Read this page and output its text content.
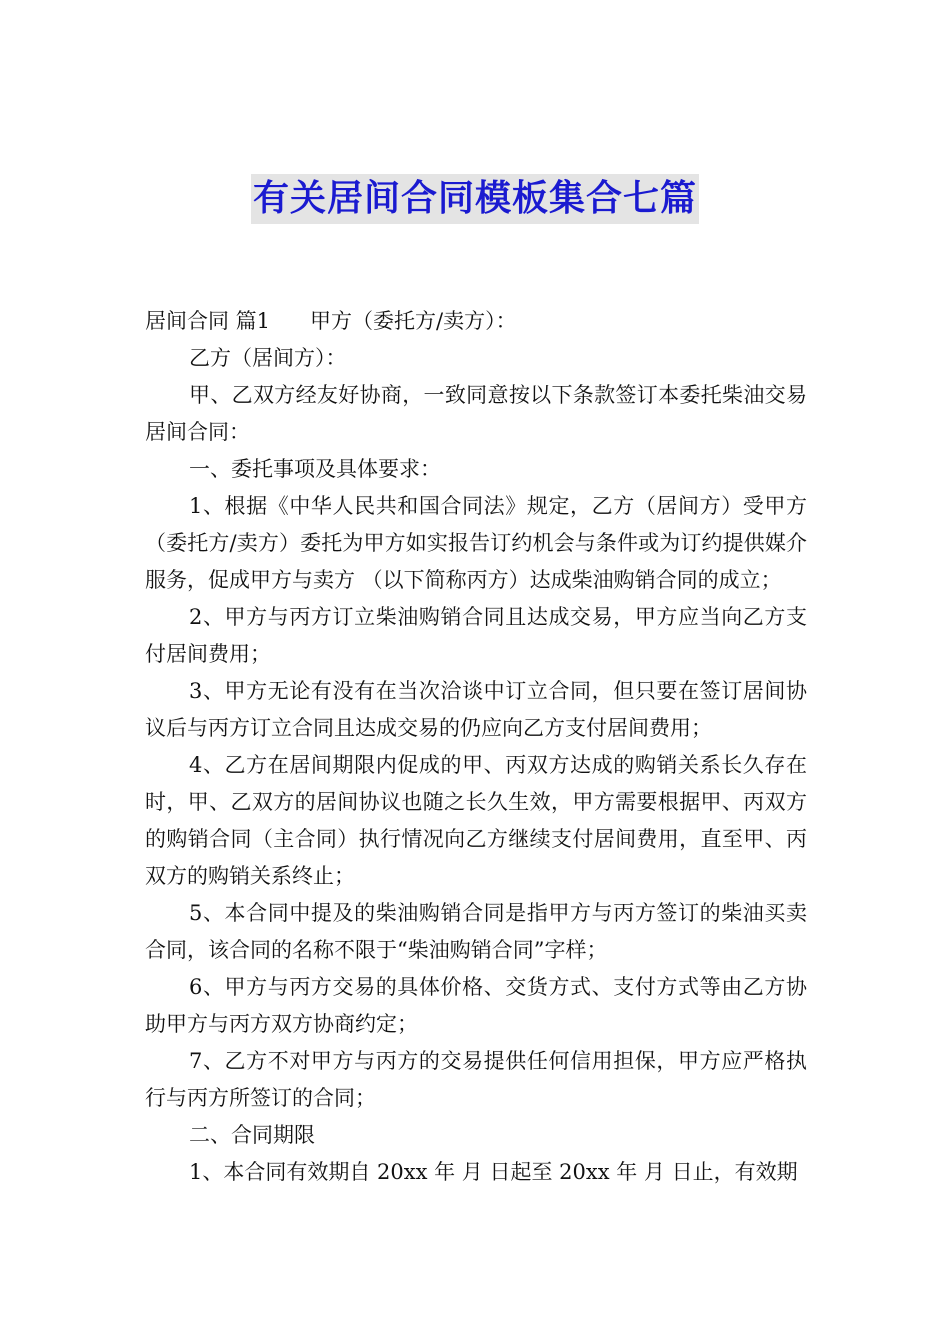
有关居间合同模板集合七篇

居间合同 篇1 甲方（委托方/卖方）：

乙方（居间方）：

甲、乙双方经友好协商，一致同意按以下条款签订本委托柴油交易居间合同：

一、委托事项及具体要求：

1、根据《中华人民共和国合同法》规定，乙方（居间方）受甲方（委托方/卖方）委托为甲方如实报告订约机会与条件或为订约提供媒介服务，促成甲方与卖方 （以下简称丙方）达成柴油购销合同的成立；

2、甲方与丙方订立柴油购销合同且达成交易，甲方应当向乙方支付居间费用；

3、甲方无论有没有在当次洽谈中订立合同，但只要在签订居间协议后与丙方订立合同且达成交易的仍应向乙方支付居间费用；

4、乙方在居间期限内促成的甲、丙双方达成的购销关系长久存在时，甲、乙双方的居间协议也随之长久生效，甲方需要根据甲、丙双方的购销合同（主合同）执行情况向乙方继续支付居间费用，直至甲、丙双方的购销关系终止；

5、本合同中提及的柴油购销合同是指甲方与丙方签订的柴油买卖合同，该合同的名称不限于“柴油购销合同”字样；

6、甲方与丙方交易的具体价格、交货方式、支付方式等由乙方协助甲方与丙方双方协商约定；

7、乙方不对甲方与丙方的交易提供任何信用担保，甲方应严格执行与丙方所签订的合同；

二、合同期限

1、本合同有效期自 20xx 年 月 日起至 20xx 年 月 日止，有效期
